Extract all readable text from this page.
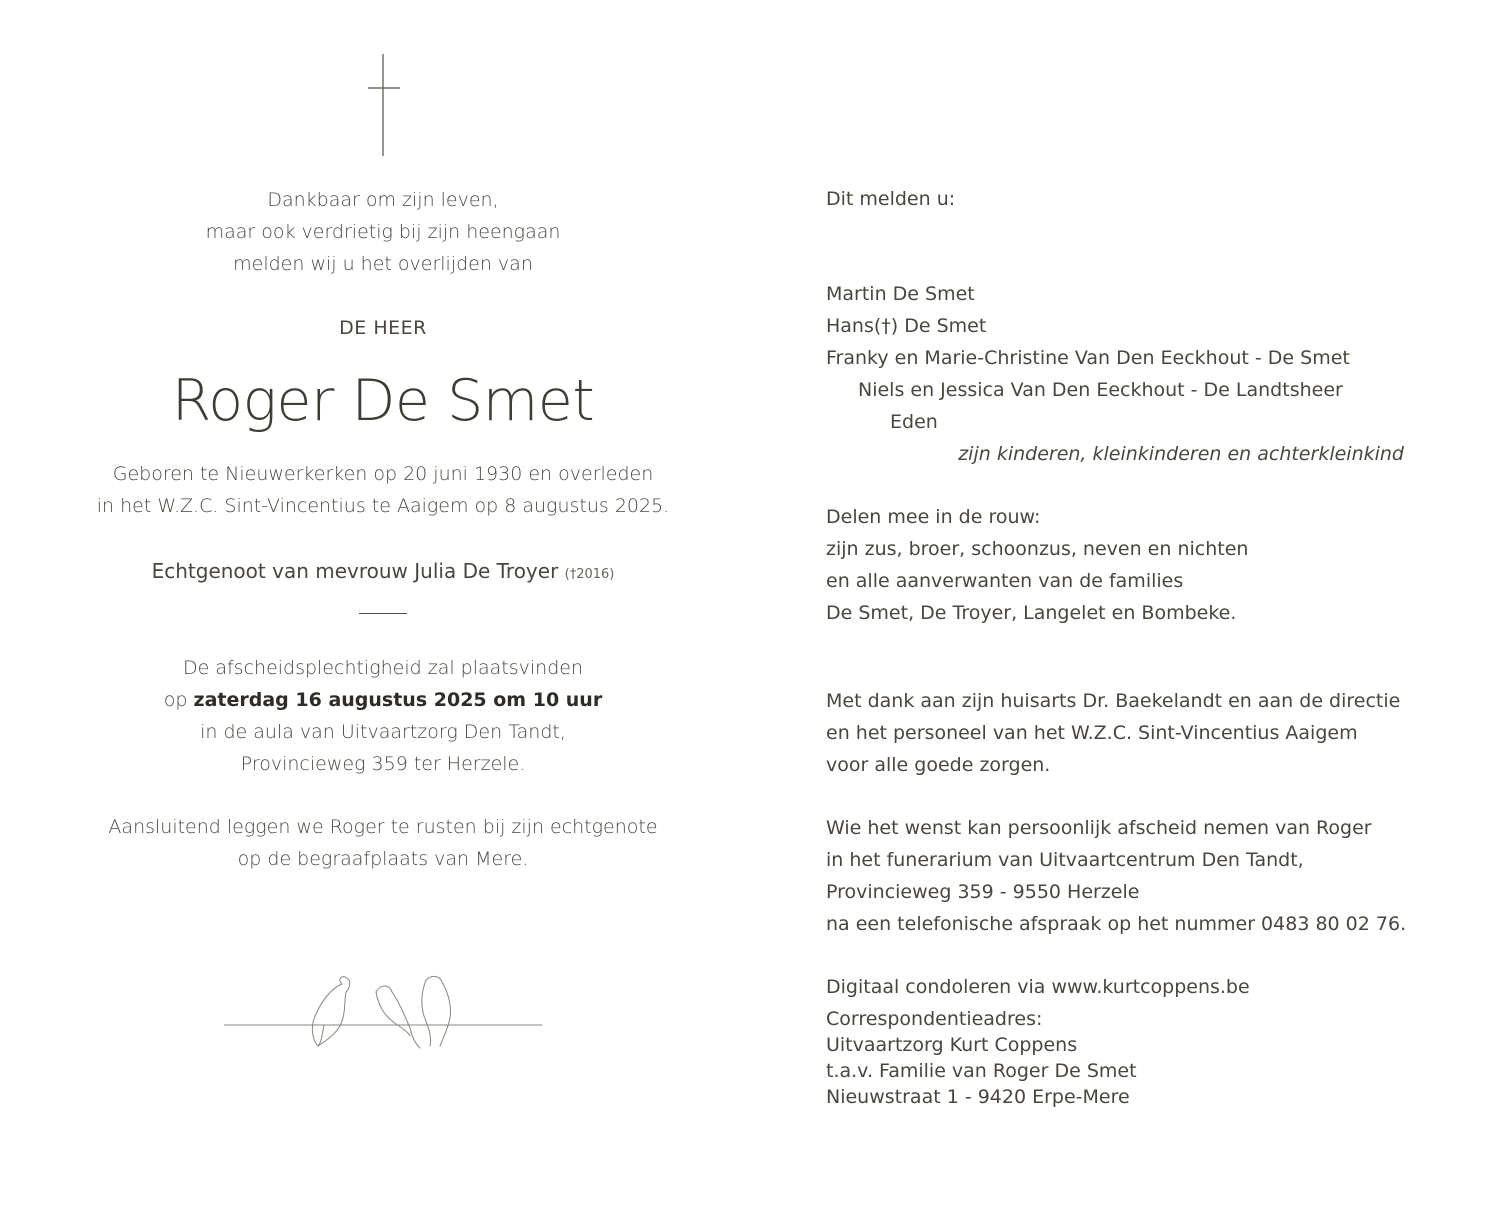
Dankbaar om zijn leven,
maar ook verdrietig bij zijn heengaan
melden wij u het overlijden van
DE HEER
Roger De Smet
Geboren te Nieuwerkerken op 20 juni 1930 en overleden
in het W.Z.C. Sint-Vincentius te Aaigem op 8 augustus 2025.
Echtgenoot van mevrouw Julia De Troyer (†2016)
De afscheidsplechtigheid zal plaatsvinden
op zaterdag 16 augustus 2025 om 10 uur
in de aula van Uitvaartzorg Den Tandt,
Provincieweg 359 ter Herzele.
Aansluitend leggen we Roger te rusten bij zijn echtgenote
op de begraafplaats van Mere.
Dit melden u:
Martin De Smet
Hans(†) De Smet
Franky en Marie-Christine Van Den Eeckhout - De Smet
Niels en Jessica Van Den Eeckhout - De Landtsheer
Eden
zijn kinderen, kleinkinderen en achterkleinkind
Delen mee in de rouw:
zijn zus, broer, schoonzus, neven en nichten
en alle aanverwanten van de families
De Smet, De Troyer, Langelet en Bombeke.
Met dank aan zijn huisarts Dr. Baekelandt en aan de directie
en het personeel van het W.Z.C. Sint-Vincentius Aaigem
voor alle goede zorgen.
Wie het wenst kan persoonlijk afscheid nemen van Roger
in het funerarium van Uitvaartcentrum Den Tandt,
Provincieweg 359 - 9550 Herzele
na een telefonische afspraak op het nummer 0483 80 02 76.
Digitaal condoleren via www.kurtcoppens.be
Correspondentieadres:
Uitvaartzorg Kurt Coppens
t.a.v. Familie van Roger De Smet
Nieuwstraat 1 - 9420 Erpe-Mere
